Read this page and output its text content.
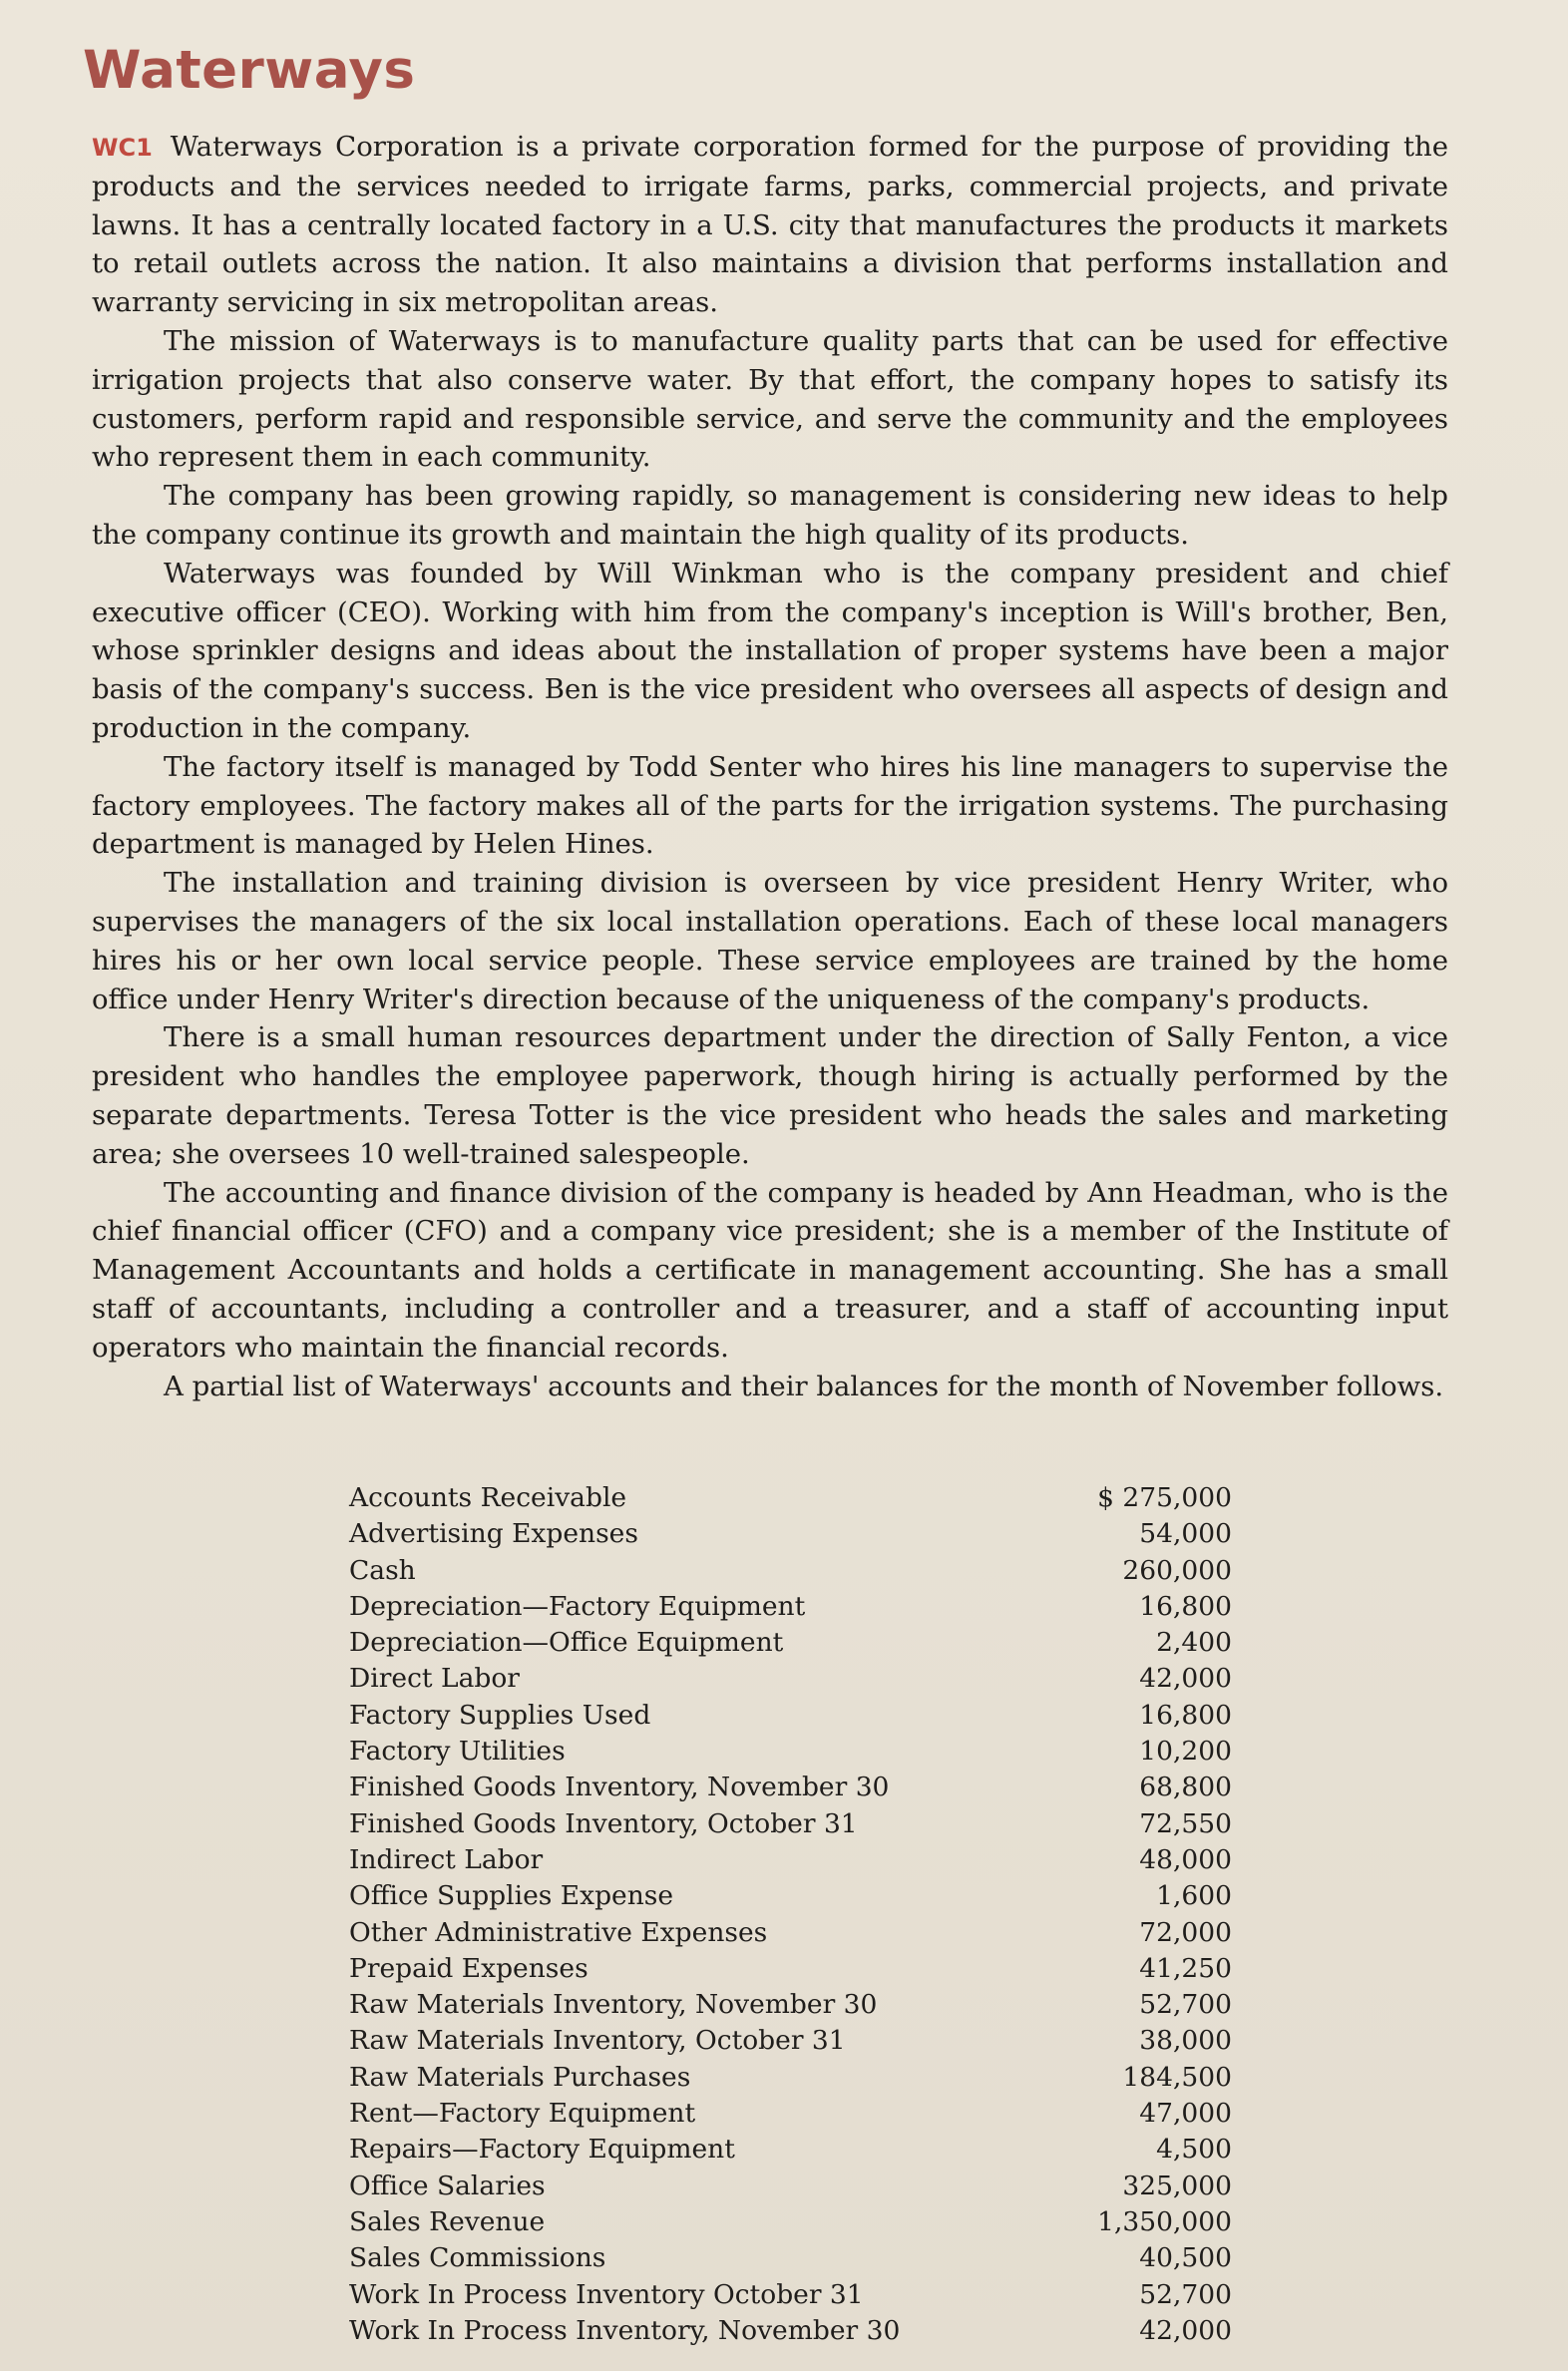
Waterways

WC1 Waterways Corporation is a private corporation formed for the purpose of providing the products and the services needed to irrigate farms, parks, commercial projects, and private lawns. It has a centrally located factory in a U.S. city that manufactures the products it markets to retail outlets across the nation. It also maintains a division that performs installation and warranty servicing in six metropolitan areas.

The mission of Waterways is to manufacture quality parts that can be used for effective irrigation projects that also conserve water. By that effort, the company hopes to satisfy its customers, perform rapid and responsible service, and serve the community and the employees who represent them in each community.

The company has been growing rapidly, so management is considering new ideas to help the company continue its growth and maintain the high quality of its products.

Waterways was founded by Will Winkman who is the company president and chief executive officer (CEO). Working with him from the company's inception is Will's brother, Ben, whose sprinkler designs and ideas about the installation of proper systems have been a major basis of the company's success. Ben is the vice president who oversees all aspects of design and production in the company.

The factory itself is managed by Todd Senter who hires his line managers to supervise the factory employees. The factory makes all of the parts for the irrigation systems. The purchasing department is managed by Helen Hines.

The installation and training division is overseen by vice president Henry Writer, who supervises the managers of the six local installation operations. Each of these local managers hires his or her own local service people. These service employees are trained by the home office under Henry Writer's direction because of the uniqueness of the company's products.

There is a small human resources department under the direction of Sally Fenton, a vice president who handles the employee paperwork, though hiring is actually performed by the separate departments. Teresa Totter is the vice president who heads the sales and marketing area; she oversees 10 well-trained salespeople.

The accounting and finance division of the company is headed by Ann Headman, who is the chief financial officer (CFO) and a company vice president; she is a member of the Institute of Management Accountants and holds a certificate in management accounting. She has a small staff of accountants, including a controller and a treasurer, and a staff of accounting input operators who maintain the financial records.

A partial list of Waterways' accounts and their balances for the month of November follows.

Accounts Receivable	$ 275,000
Advertising Expenses	54,000
Cash	260,000
Depreciation—Factory Equipment	16,800
Depreciation—Office Equipment	2,400
Direct Labor	42,000
Factory Supplies Used	16,800
Factory Utilities	10,200
Finished Goods Inventory, November 30	68,800
Finished Goods Inventory, October 31	72,550
Indirect Labor	48,000
Office Supplies Expense	1,600
Other Administrative Expenses	72,000
Prepaid Expenses	41,250
Raw Materials Inventory, November 30	52,700
Raw Materials Inventory, October 31	38,000
Raw Materials Purchases	184,500
Rent—Factory Equipment	47,000
Repairs—Factory Equipment	4,500
Office Salaries	325,000
Sales Revenue	1,350,000
Sales Commissions	40,500
Work In Process Inventory October 31	52,700
Work In Process Inventory, November 30	42,000
